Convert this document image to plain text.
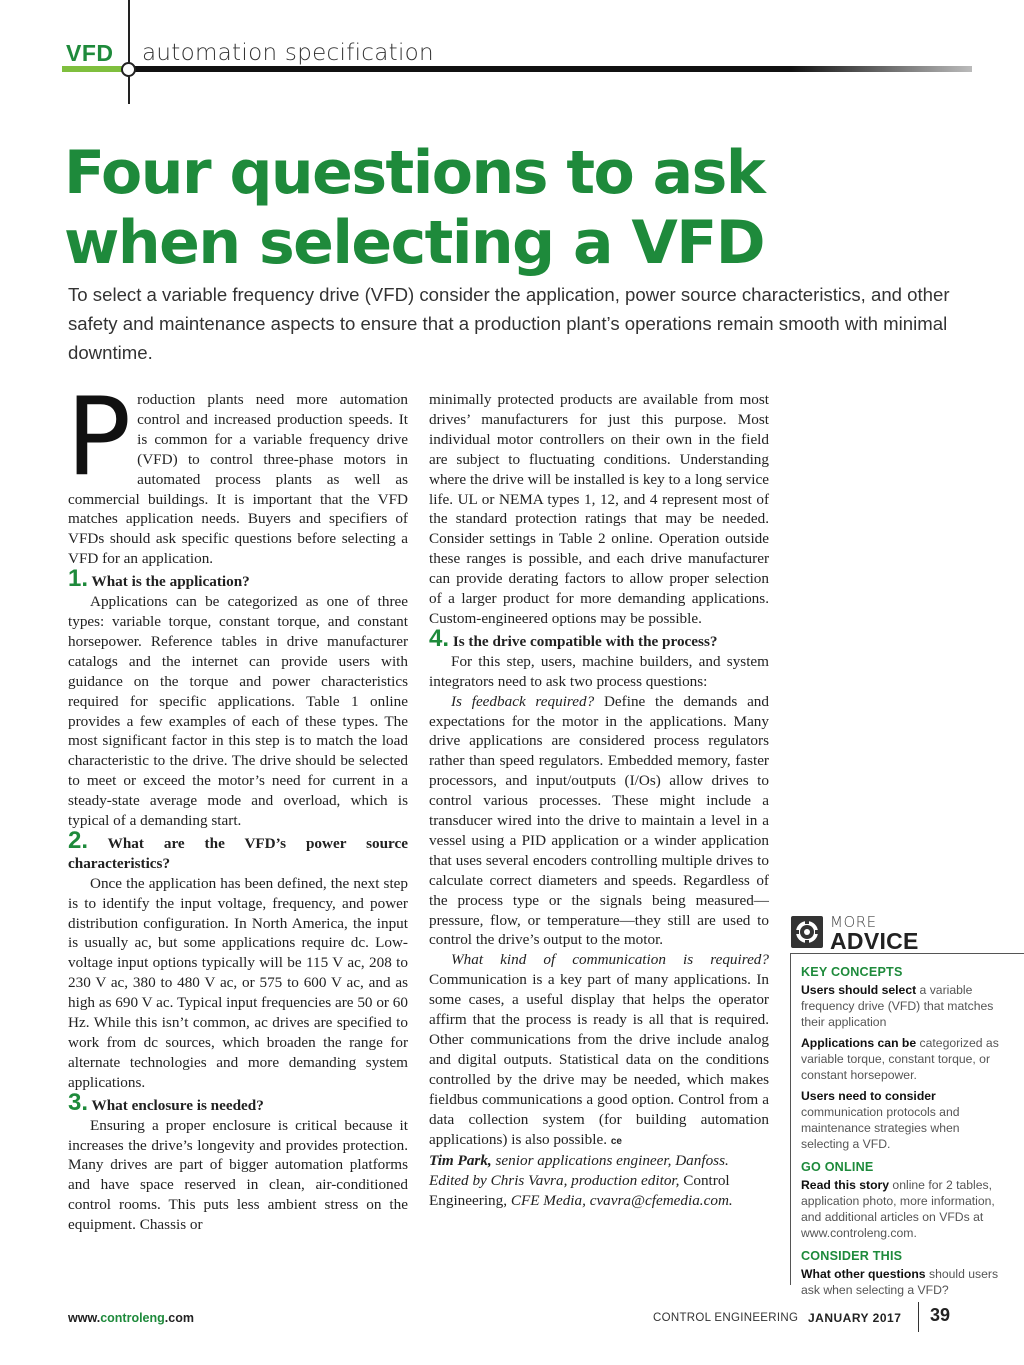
VFD automation specification
Four questions to ask
when selecting a VFD

To select a variable frequency drive (VFD) consider the application, power source characteristics, and other safety and maintenance aspects to ensure that a production plant’s operations remain smooth with minimal downtime.

Production plants need more automation control and increased production speeds. It is common for a variable frequency drive (VFD) to control three-phase motors in automated process plants as well as commercial buildings. It is important that the VFD matches application needs. Buyers and specifiers of VFDs should ask specific questions before selecting a VFD for an application.

1. What is the application?

Applications can be categorized as one of three types: variable torque, constant torque, and constant horsepower. Reference tables in drive manufacturer catalogs and the internet can provide users with guidance on the torque and power characteristics required for specific applications. Table 1 online provides a few examples of each of these types. The most significant factor in this step is to match the load characteristic to the drive. The drive should be selected to meet or exceed the motor’s need for current in a steady-state average mode and overload, which is typical of a demanding start.

2. What are the VFD’s power source characteristics?

Once the application has been defined, the next step is to identify the input voltage, frequency, and power distribution configuration. In North America, the input is usually ac, but some applications require dc. Low-voltage input options typically will be 115 V ac, 208 to 230 V ac, 380 to 480 V ac, or 575 to 600 V ac, and as high as 690 V ac. Typical input frequencies are 50 or 60 Hz. While this isn’t common, ac drives are specified to work from dc sources, which broaden the range for alternate technologies and more demanding system applications.

3. What enclosure is needed?

Ensuring a proper enclosure is critical because it increases the drive’s longevity and provides protection. Many drives are part of bigger automation platforms and have space reserved in clean, air-conditioned control rooms. This puts less ambient stress on the equipment. Chassis or

minimally protected products are available from most drives’ manufacturers for just this purpose. Most individual motor controllers on their own in the field are subject to fluctuating conditions. Understanding where the drive will be installed is key to a long service life. UL or NEMA types 1, 12, and 4 represent most of the standard protection ratings that may be needed. Consider settings in Table 2 online. Operation outside these ranges is possible, and each drive manufacturer can provide derating factors to allow proper selection of a larger product for more demanding applications. Custom-engineered options may be possible.

4. Is the drive compatible with the process?

For this step, users, machine builders, and system integrators need to ask two process questions:

Is feedback required? Define the demands and expectations for the motor in the applications. Many drive applications are considered process regulators rather than speed regulators. Embedded memory, faster processors, and input/outputs (I/Os) allow drives to control various processes. These might include a transducer wired into the drive to maintain a level in a vessel using a PID application or a winder application that uses several encoders controlling multiple drives to calculate correct diameters and speeds. Regardless of the process type or the signals being measured—pressure, flow, or temperature—they still are used to control the drive’s output to the motor.

What kind of communication is required? Communication is a key part of many applications. In some cases, a useful display that helps the operator affirm that the process is ready is all that is required. Other communications from the drive include analog and digital outputs. Statistical data on the conditions controlled by the drive may be needed, which makes fieldbus communications a good option. Control from a data collection system (for building automation applications) is also possible. ce

Tim Park, senior applications engineer, Danfoss. Edited by Chris Vavra, production editor, Control Engineering, CFE Media, cvavra@cfemedia.com.

MORE
ADVICE
KEY CONCEPTS

Users should select a variable frequency drive (VFD) that matches their application

Applications can be categorized as variable torque, constant torque, or constant horsepower.

Users need to consider communication protocols and maintenance strategies when selecting a VFD.

GO ONLINE

Read this story online for 2 tables, application photo, more information, and additional articles on VFDs at www.controleng.com.

CONSIDER THIS

What other questions should users ask when selecting a VFD?

www.controleng.com	CONTROL ENGINEERING JANUARY 2017 39
